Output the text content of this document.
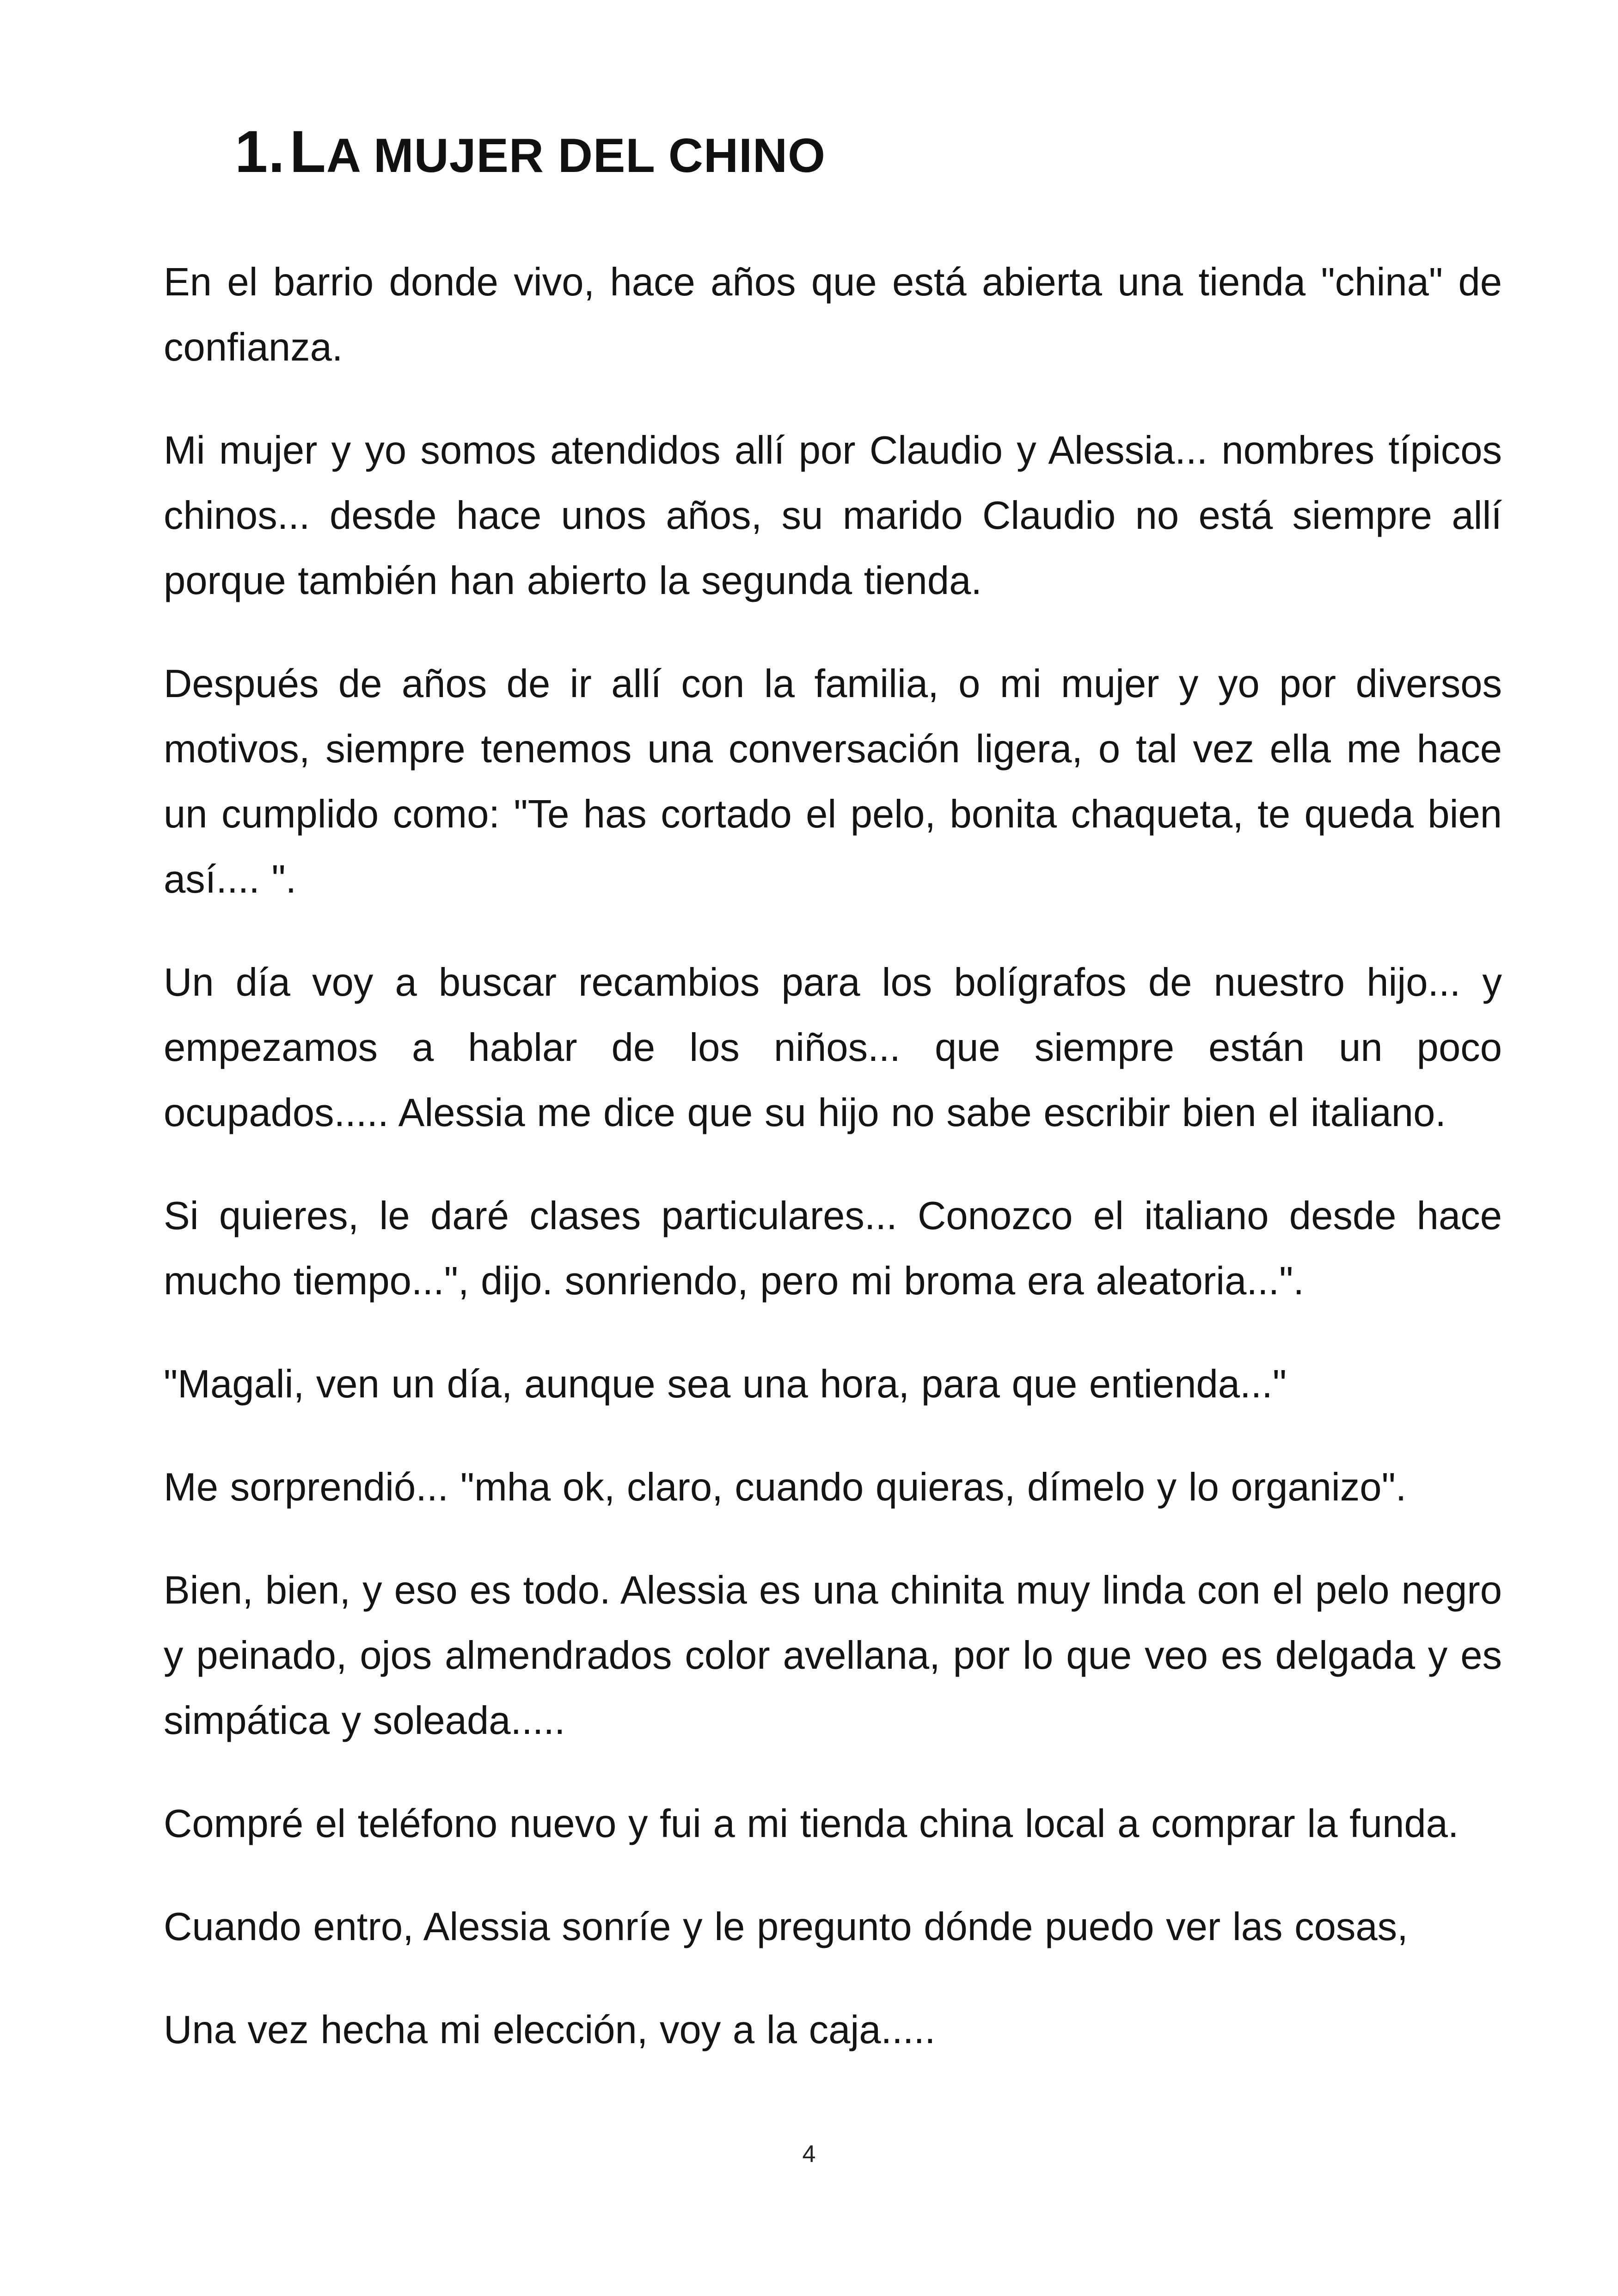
1. LA MUJER DEL CHINO

En el barrio donde vivo, hace años que está abierta una tienda "china" de confianza.

Mi mujer y yo somos atendidos allí por Claudio y Alessia... nombres típicos chinos... desde hace unos años, su marido Claudio no está siempre allí porque también han abierto la segunda tienda.

Después de años de ir allí con la familia, o mi mujer y yo por diversos motivos, siempre tenemos una conversación ligera, o tal vez ella me hace un cumplido como: "Te has cortado el pelo, bonita chaqueta, te queda bien así.... ".

Un día voy a buscar recambios para los bolígrafos de nuestro hijo... y empezamos a hablar de los niños... que siempre están un poco ocupados..... Alessia me dice que su hijo no sabe escribir bien el italiano.

Si quieres, le daré clases particulares... Conozco el italiano desde hace mucho tiempo...", dijo. sonriendo, pero mi broma era aleatoria...".

"Magali, ven un día, aunque sea una hora, para que entienda..."

Me sorprendió... "mha ok, claro, cuando quieras, dímelo y lo organizo".

Bien, bien, y eso es todo. Alessia es una chinita muy linda con el pelo negro y peinado, ojos almendrados color avellana, por lo que veo es delgada y es simpática y soleada.....

Compré el teléfono nuevo y fui a mi tienda china local a comprar la funda.

Cuando entro, Alessia sonríe y le pregunto dónde puedo ver las cosas,

Una vez hecha mi elección, voy a la caja.....

4
